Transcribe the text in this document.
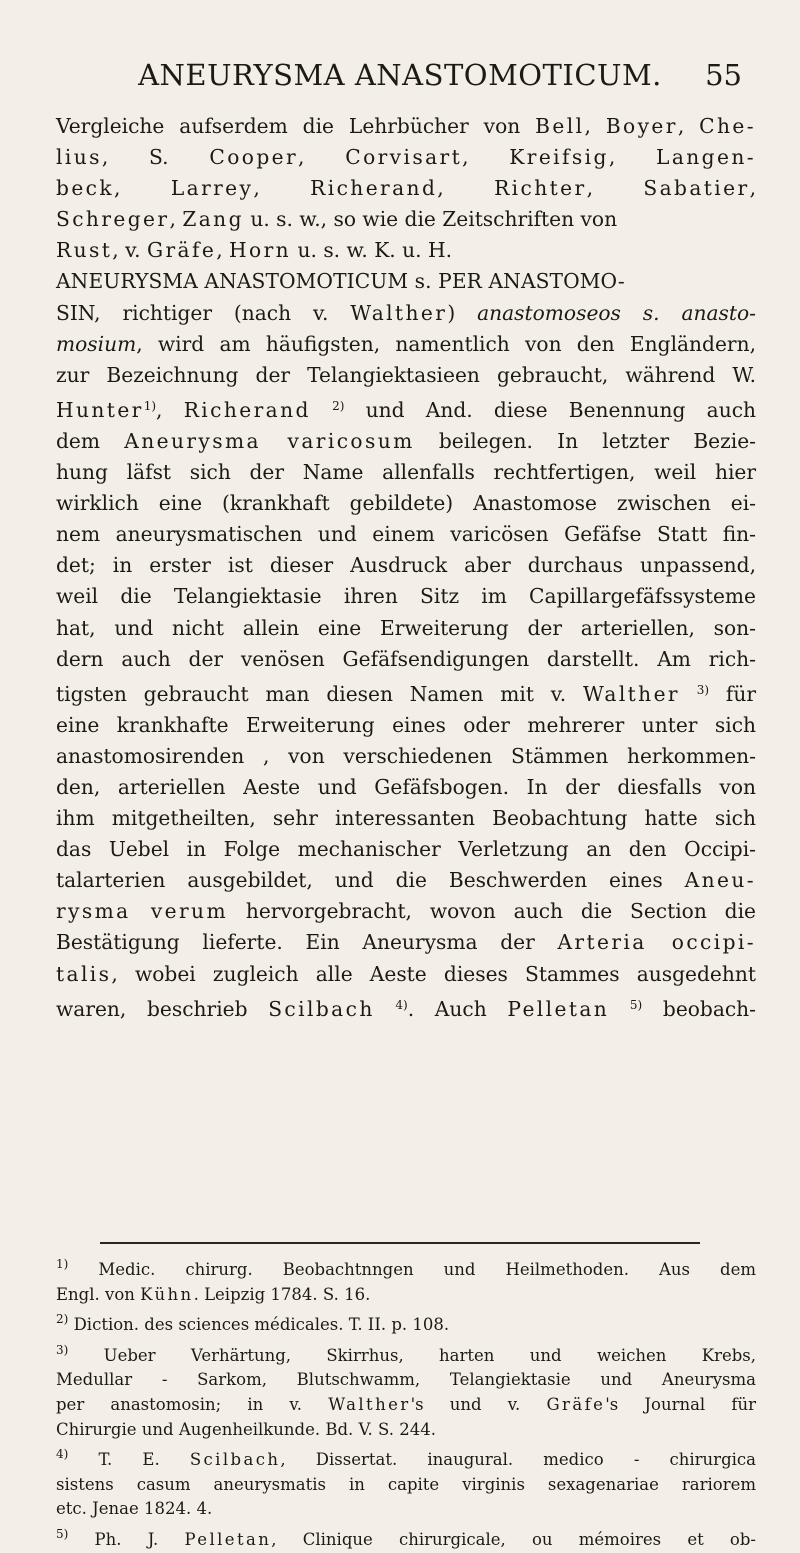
ANEURYSMA ANASTOMOTICUM.	55
Vergleiche aufserdem die Lehrbücher von Bell, Boyer, Che-
lius, S. Cooper, Corvisart, Kreifsig, Langen-
beck, Larrey, Richerand, Richter, Sabatier,
Schreger, Zang u. s. w., so wie die Zeitschriften von
Rust, v. Gräfe, Horn u. s. w. K. u. H.
ANEURYSMA ANASTOMOTICUM s. PER ANASTOMO-
SIN, richtiger (nach v. Walther) anastomoseos s. anasto-
mosium, wird am häufigsten, namentlich von den Engländern,
zur Bezeichnung der Telangiektasieen gebraucht, während W.
Hunter$^{1)}$, Richerand $^{2)}$ und And. diese Benennung auch
dem Aneurysma varicosum beilegen. In letzter Bezie-
hung läfst sich der Name allenfalls rechtfertigen, weil hier
wirklich eine (krankhaft gebildete) Anastomose zwischen ei-
nem aneurysmatischen und einem varicösen Gefäfse Statt fin-
det; in erster ist dieser Ausdruck aber durchaus unpassend,
weil die Telangiektasie ihren Sitz im Capillargefäfssysteme
hat, und nicht allein eine Erweiterung der arteriellen, son-
dern auch der venösen Gefäfsendigungen darstellt. Am rich-
tigsten gebraucht man diesen Namen mit v. Walther $^{3)}$ für
eine krankhafte Erweiterung eines oder mehrerer unter sich
anastomosirenden , von verschiedenen Stämmen herkommen-
den, arteriellen Aeste und Gefäfsbogen. In der diesfalls von
ihm mitgetheilten, sehr interessanten Beobachtung hatte sich
das Uebel in Folge mechanischer Verletzung an den Occipi-
talarterien ausgebildet, und die Beschwerden eines Aneu-
rysma verum hervorgebracht, wovon auch die Section die
Bestätigung lieferte. Ein Aneurysma der Arteria occipi-
talis, wobei zugleich alle Aeste dieses Stammes ausgedehnt
waren, beschrieb Scilbach $^{4)}$. Auch Pelletan $^{5)}$ beobach-
$^{1)}$ Medic. chirurg. Beobachtnngen und Heilmethoden. Aus dem
Engl. von Kühn. Leipzig 1784. S. 16.
$^{2)}$ Diction. des sciences médicales. T. II. p. 108.
$^{3)}$ Ueber Verhärtung, Skirrhus, harten und weichen Krebs,
Medullar - Sarkom, Blutschwamm, Telangiektasie und Aneurysma
per anastomosin; in v. Walther's und v. Gräfe's Journal für
Chirurgie und Augenheilkunde. Bd. V. S. 244.
$^{4)}$ T. E. Scilbach, Dissertat. inaugural. medico - chirurgica
sistens casum aneurysmatis in capite virginis sexagenariae rariorem
etc. Jenae 1824. 4.
$^{5)}$ Ph. J. Pelletan, Clinique chirurgicale, ou mémoires et ob-
